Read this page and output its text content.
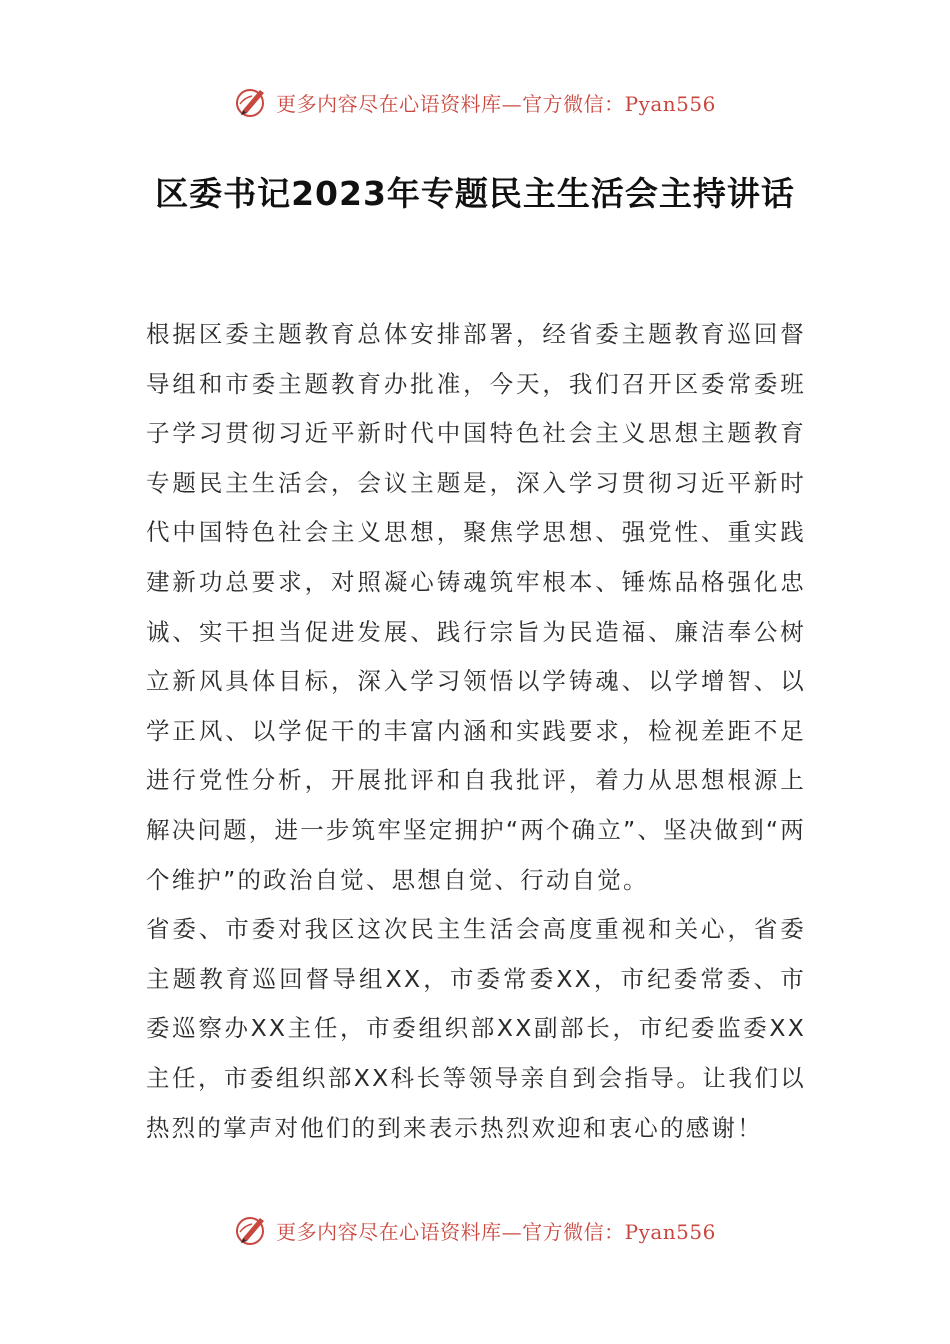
更多内容尽在心语资料库—官方微信：Pyan556
区委书记2023年专题民主生活会主持讲话

根据区委主题教育总体安排部署，经省委主题教育巡回督导组和市委主题教育办批准，今天，我们召开区委常委班子学习贯彻习近平新时代中国特色社会主义思想主题教育专题民主生活会，会议主题是，深入学习贯彻习近平新时代中国特色社会主义思想，聚焦学思想、强党性、重实践建新功总要求，对照凝心铸魂筑牢根本、锤炼品格强化忠诚、实干担当促进发展、践行宗旨为民造福、廉洁奉公树立新风具体目标，深入学习领悟以学铸魂、以学增智、以学正风、以学促干的丰富内涵和实践要求，检视差距不足进行党性分析，开展批评和自我批评，着力从思想根源上解决问题，进一步筑牢坚定拥护“两个确立”、坚决做到“两个维护”的政治自觉、思想自觉、行动自觉。

省委、市委对我区这次民主生活会高度重视和关心，省委主题教育巡回督导组XX，市委常委XX，市纪委常委、市委巡察办XX主任，市委组织部XX副部长，市纪委监委XX主任，市委组织部XX科长等领导亲自到会指导。让我们以热烈的掌声对他们的到来表示热烈欢迎和衷心的感谢！

更多内容尽在心语资料库—官方微信：Pyan556
